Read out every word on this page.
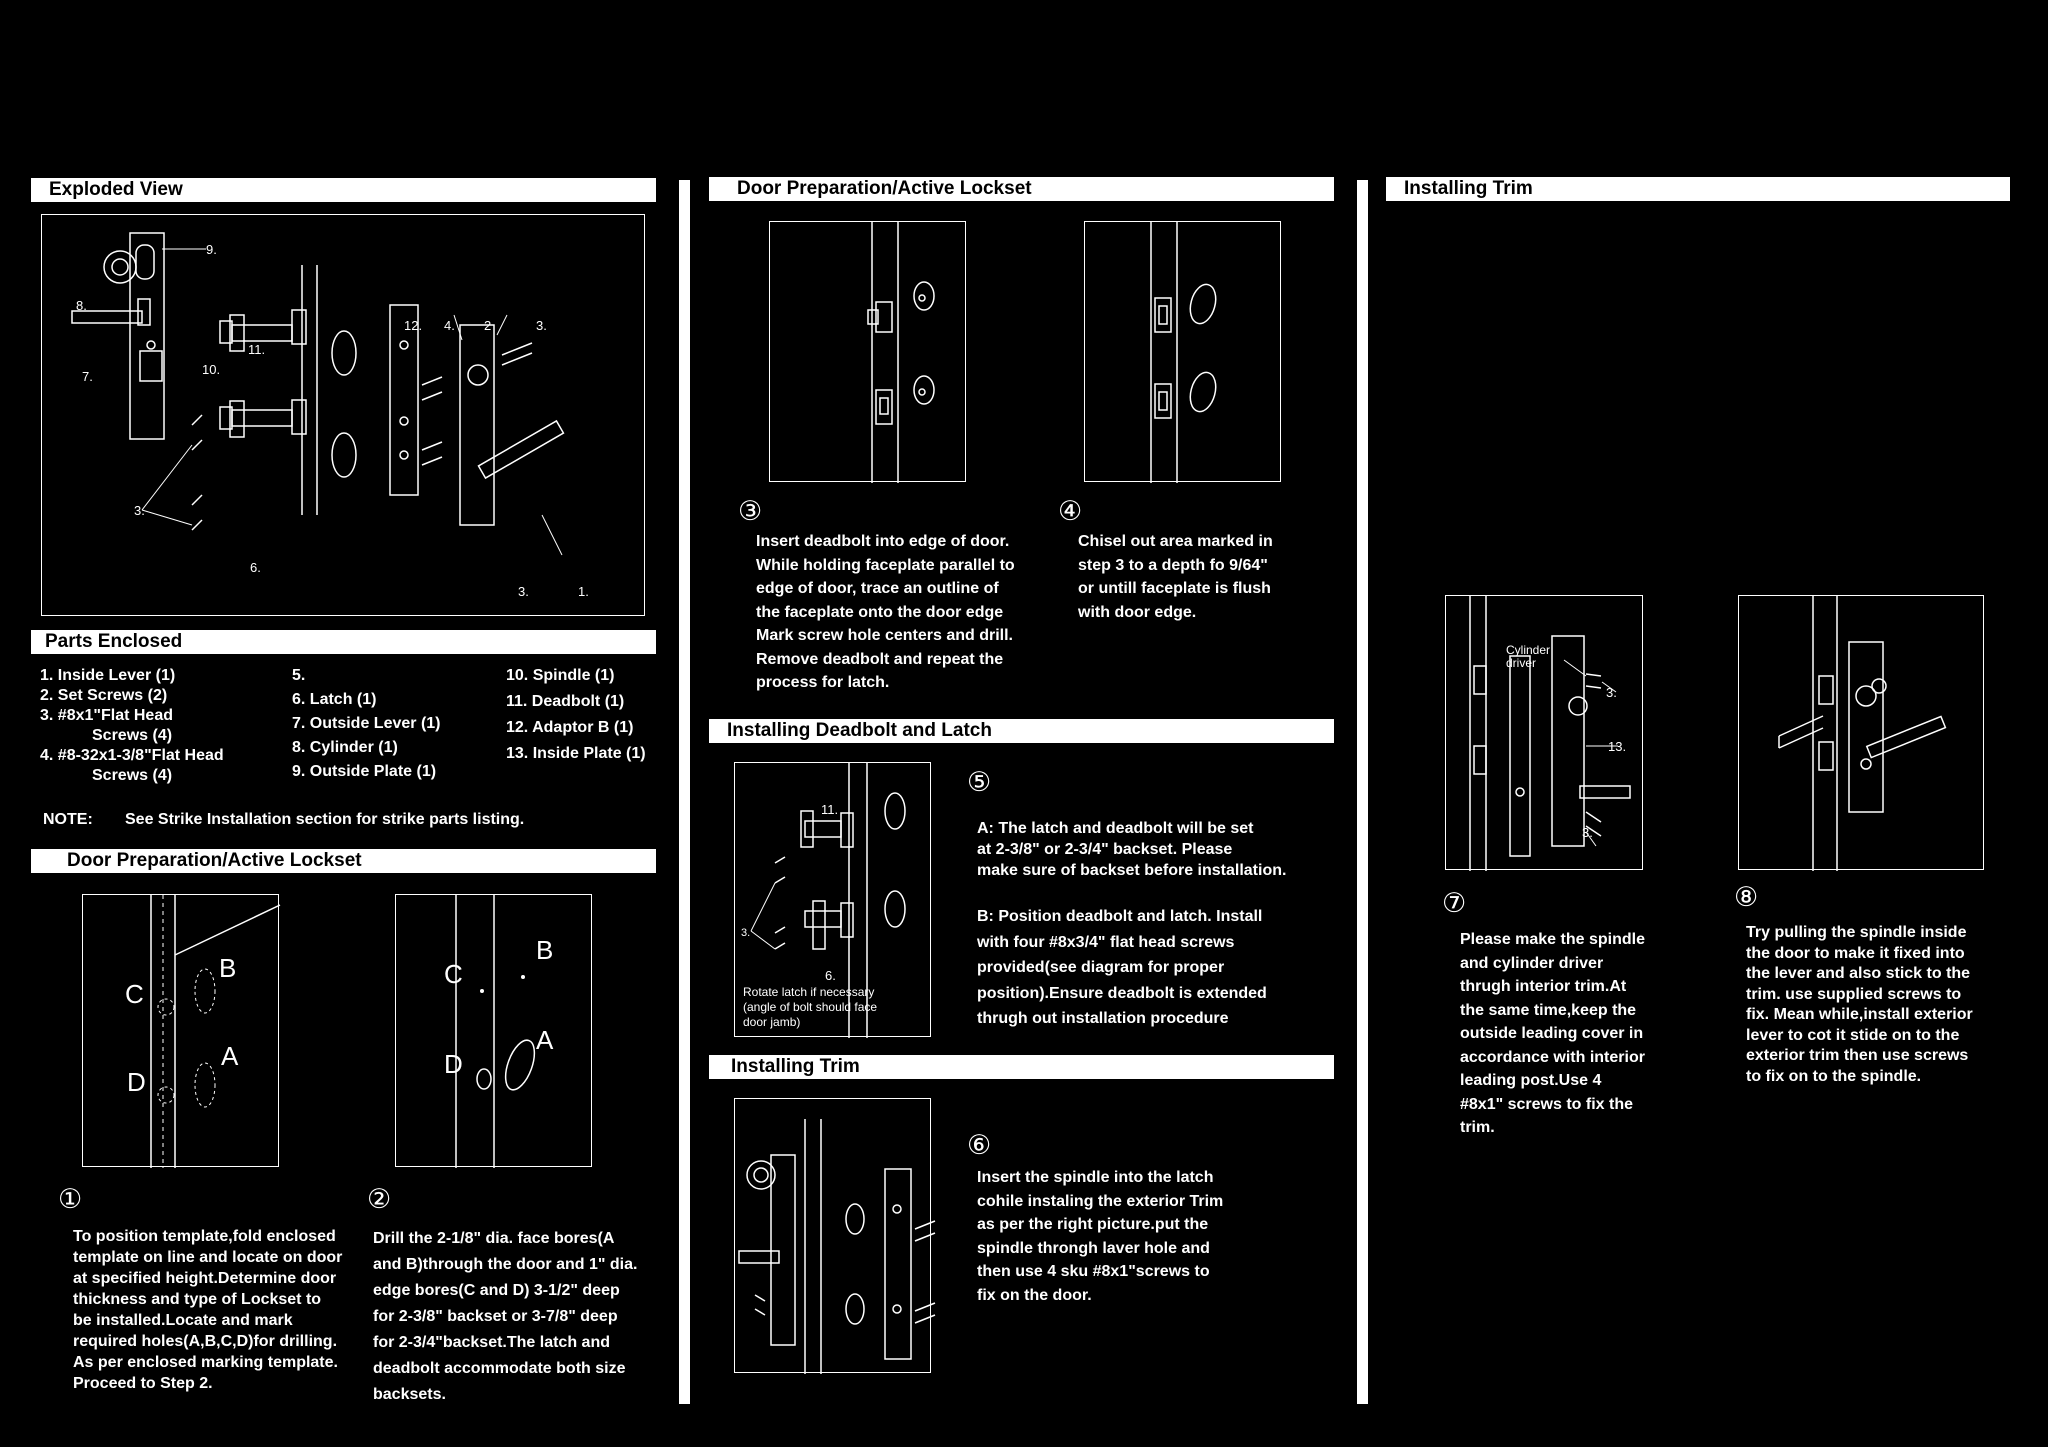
Exploded View
9.
8.
7.	10.
11.
3.
6.
12. 4. 2	3.
3.	1.
Parts Enclosed
1. Inside Lever (1)
2. Set Screws (2)
3. #8x1"Flat Head
Screws (4)
4. #8-32x1-3/8"Flat Head
Screws (4)
5.
6. Latch (1)
7. Outside Lever (1)
8. Cylinder (1)
9. Outside Plate (1)
10. Spindle (1)
11. Deadbolt (1)
12. Adaptor B (1)
13. Inside Plate (1)
NOTE: See Strike Installation section for strike parts listing.
Door Preparation/Active Lockset
C
B
D
A
C
B
D
A
①	②
To position template,fold enclosed
template on line and locate on door
at specified height.Determine door
thickness and type of Lockset to
be installed.Locate and mark
required holes(A,B,C,D)for drilling.
As per enclosed marking template.
Proceed to Step 2.
Drill the 2-1/8" dia. face bores(A
and B)through the door and 1" dia.
edge bores(C and D) 3-1/2" deep
for 2-3/8" backset or 3-7/8" deep
for 2-3/4"backset.The latch and
deadbolt accommodate both size
backsets.
Door Preparation/Active Lockset
③	④
Insert deadbolt into edge of door.
While holding faceplate parallel to
edge of door, trace an outline of
the faceplate onto the door edge
Mark screw hole centers and drill.
Remove deadbolt and repeat the
process for latch.
Chisel out area marked in
step 3 to a depth fo 9/64"
or untill faceplate is flush
with door edge.
Installing Deadbolt and Latch
11.
3.
6.
Rotate latch if necessary
(angle of bolt should face
door jamb)
⑤
A: The latch and deadbolt will be set
at 2-3/8" or 2-3/4" backset. Please
make sure of backset before installation.
B: Position deadbolt and latch. Install
with four #8x3/4" flat head screws
provided(see diagram for proper
position).Ensure deadbolt is extended
thrugh out installation procedure
Installing Trim
⑥
Insert the spindle into the latch
cohile instaling the exterior Trim
as per the right picture.put the
spindle throngh laver hole and
then use 4 sku #8x1"screws to
fix on the door.
Installing Trim
Cylinder
driver
3.
13.
3.
⑦	⑧
Please make the spindle
and cylinder driver
thrugh interior trim.At
the same time,keep the
outside leading cover in
accordance with interior
leading post.Use 4
#8x1" screws to fix the
trim.
Try pulling the spindle inside
the door to make it fixed into
the lever and also stick to the
trim. use supplied screws to
fix. Mean while,install exterior
lever to cot it stide on to the
exterior trim then use screws
to fix on to the spindle.
